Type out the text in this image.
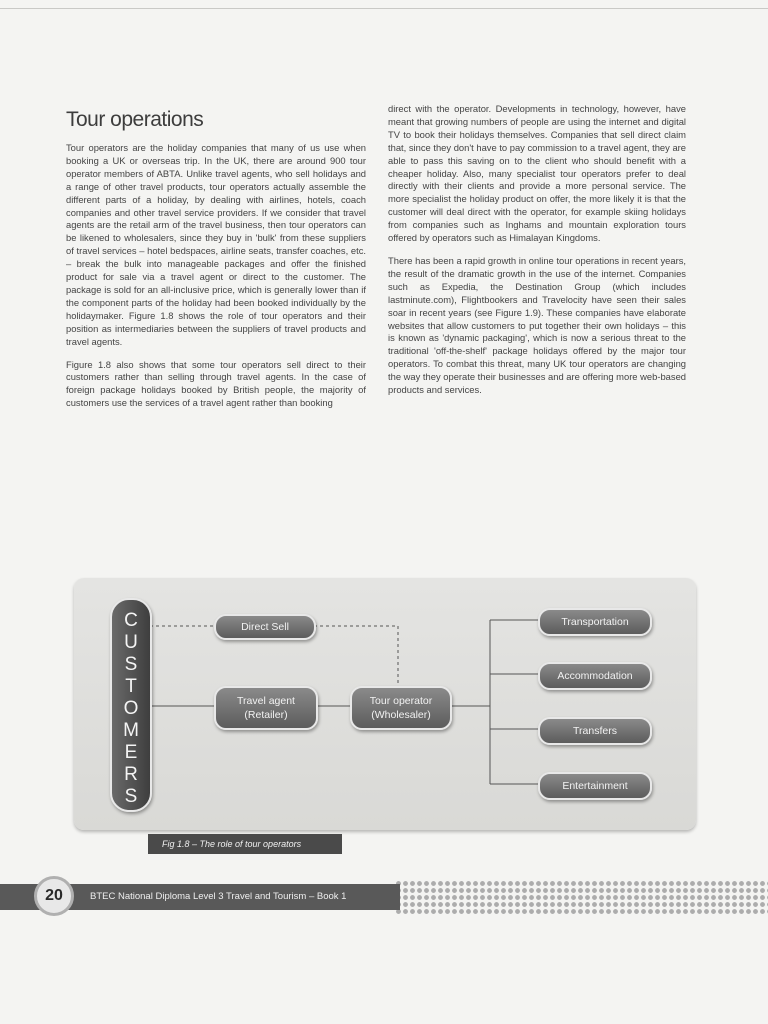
Tour operations

Tour operators are the holiday companies that many of us use when booking a UK or overseas trip. In the UK, there are around 900 tour operator members of ABTA. Unlike travel agents, who sell holidays and a range of other travel products, tour operators actually assemble the different parts of a holiday, by dealing with airlines, hotels, coach companies and other travel service providers. If we consider that travel agents are the retail arm of the travel business, then tour operators can be likened to wholesalers, since they buy in 'bulk' from these suppliers of travel services – hotel bedspaces, airline seats, transfer coaches, etc. – break the bulk into manageable packages and offer the finished product for sale via a travel agent or direct to the customer. The package is sold for an all-inclusive price, which is generally lower than if the component parts of the holiday had been booked individually by the holidaymaker. Figure 1.8 shows the role of tour operators and their position as intermediaries between the suppliers of travel products and travel agents.

Figure 1.8 also shows that some tour operators sell direct to their customers rather than selling through travel agents. In the case of foreign package holidays booked by British people, the majority of customers use the services of a travel agent rather than booking

direct with the operator. Developments in technology, however, have meant that growing numbers of people are using the internet and digital TV to book their holidays themselves. Companies that sell direct claim that, since they don't have to pay commission to a travel agent, they are able to pass this saving on to the client who should benefit with a cheaper holiday. Also, many specialist tour operators prefer to deal directly with their clients and provide a more personal service. The more specialist the holiday product on offer, the more likely it is that the customer will deal direct with the operator, for example skiing holidays from companies such as Inghams and mountain exploration tours offered by operators such as Himalayan Kingdoms.

There has been a rapid growth in online tour operations in recent years, the result of the dramatic growth in the use of the internet. Companies such as Expedia, the Destination Group (which includes lastminute.com), Flightbookers and Travelocity have seen their sales soar in recent years (see Figure 1.9). These companies have elaborate websites that allow customers to put together their own holidays – this is known as 'dynamic packaging', which is now a serious threat to the traditional 'off-the-shelf' package holidays offered by the major tour operators. To combat this threat, many UK tour operators are changing the way they operate their businesses and are offering more web-based products and services.

C
U
S
T
O
M
E
R
S
Direct Sell
Travel agent
(Retailer)
Tour operator
(Wholesaler)
Transportation
Accommodation
Transfers
Entertainment
Fig 1.8 – The role of tour operators
20	BTEC National Diploma Level 3 Travel and Tourism – Book 1
